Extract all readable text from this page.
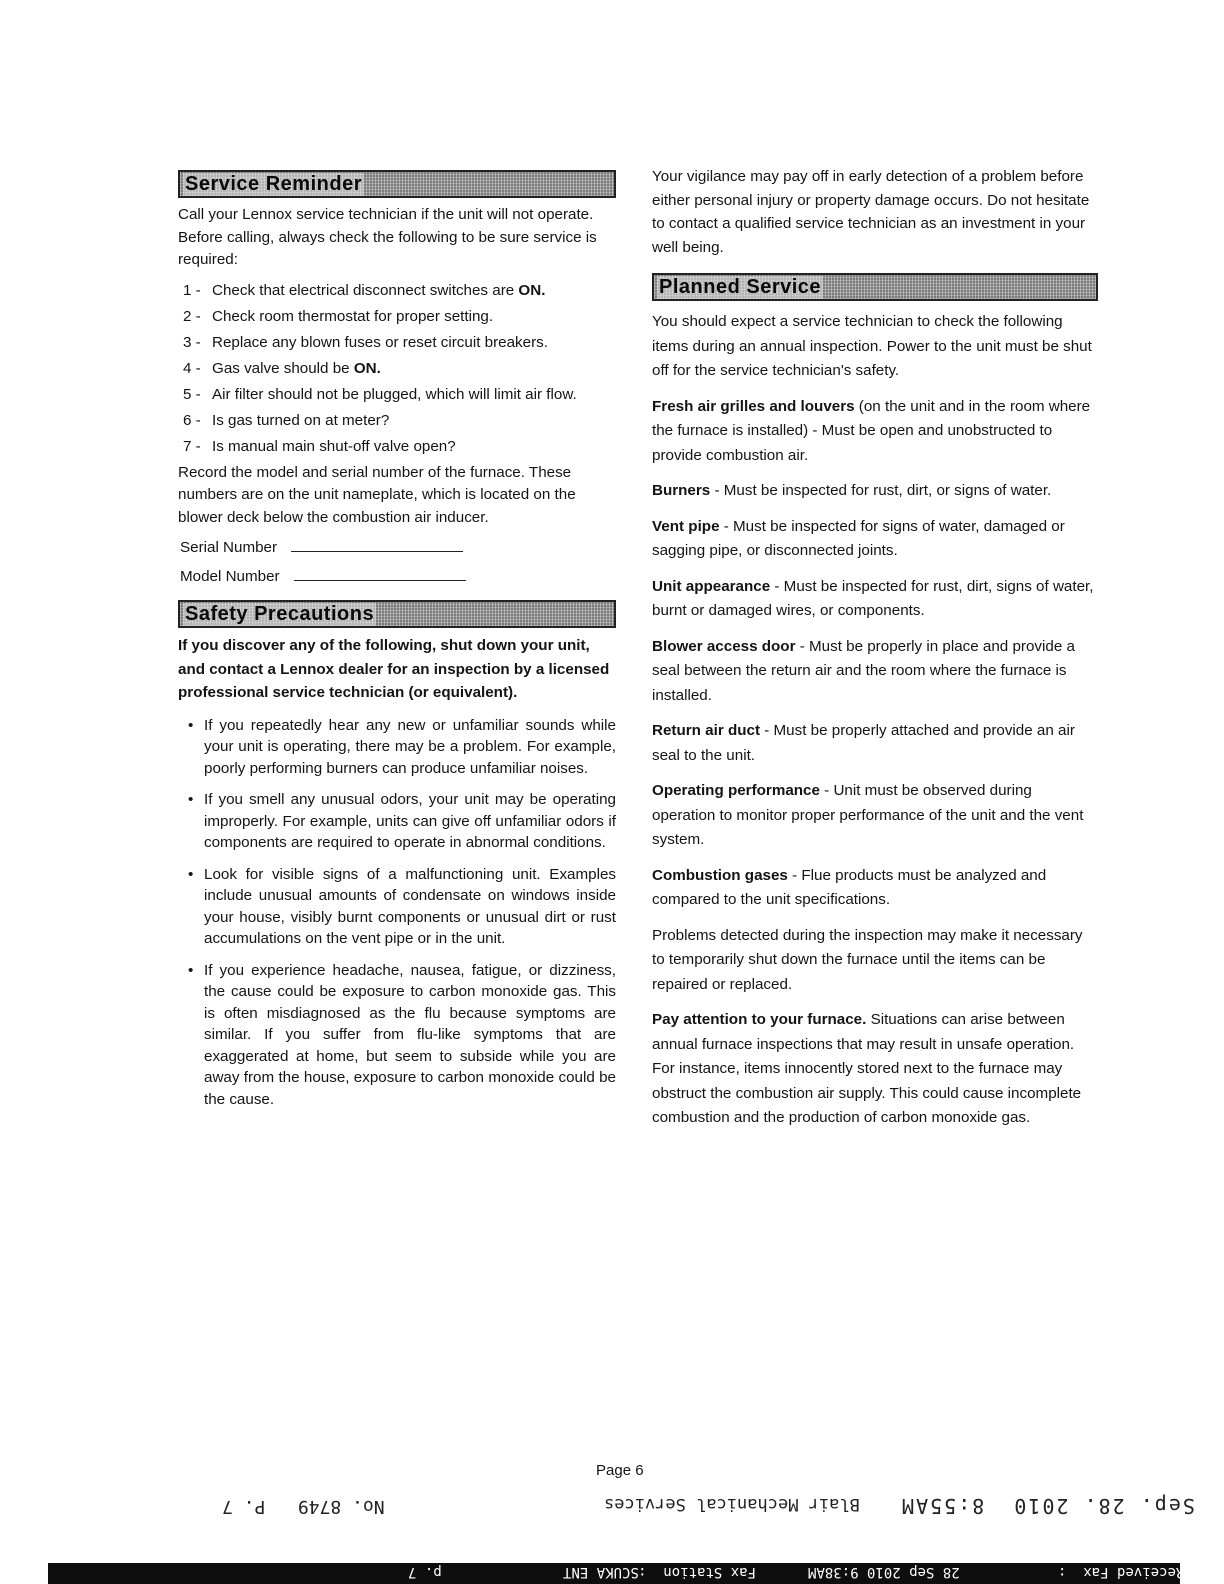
Service Reminder

Call your Lennox service technician if the unit will not operate. Before calling, always check the following to be sure service is required:

1 - Check that electrical disconnect switches are ON.
2 - Check room thermostat for proper setting.
3 - Replace any blown fuses or reset circuit breakers.
4 - Gas valve should be ON.
5 - Air filter should not be plugged, which will limit air flow.
6 - Is gas turned on at meter?
7 - Is manual main shut-off valve open?

Record the model and serial number of the furnace. These numbers are on the unit nameplate, which is located on the blower deck below the combustion air inducer.

Serial Number
Model Number
Safety Precautions

If you discover any of the following, shut down your unit, and contact a Lennox dealer for an inspection by a licensed professional service technician (or equivalent).

• If you repeatedly hear any new or unfamiliar sounds while your unit is operating, there may be a problem. For example, poorly performing burners can produce unfamiliar noises.
• If you smell any unusual odors, your unit may be operating improperly. For example, units can give off unfamiliar odors if components are required to operate in abnormal conditions.
• Look for visible signs of a malfunctioning unit. Examples include unusual amounts of condensate on windows inside your house, visibly burnt components or unusual dirt or rust accumulations on the vent pipe or in the unit.
• If you experience headache, nausea, fatigue, or dizziness, the cause could be exposure to carbon monoxide gas. This is often misdiagnosed as the flu because symptoms are similar. If you suffer from flu-like symptoms that are exaggerated at home, but seem to subside while you are away from the house, exposure to carbon monoxide could be the cause.

Your vigilance may pay off in early detection of a problem before either personal injury or property damage occurs. Do not hesitate to contact a qualified service technician as an investment in your well being.

Planned Service

You should expect a service technician to check the following items during an annual inspection. Power to the unit must be shut off for the service technician's safety.

Fresh air grilles and louvers (on the unit and in the room where the furnace is installed) - Must be open and unobstructed to provide combustion air.

Burners - Must be inspected for rust, dirt, or signs of water.

Vent pipe - Must be inspected for signs of water, damaged or sagging pipe, or disconnected joints.

Unit appearance - Must be inspected for rust, dirt, signs of water, burnt or damaged wires, or components.

Blower access door - Must be properly in place and provide a seal between the return air and the room where the furnace is installed.

Return air duct - Must be properly attached and provide an air seal to the unit.

Operating performance - Unit must be observed during operation to monitor proper performance of the unit and the vent system.

Combustion gases - Flue products must be analyzed and compared to the unit specifications.

Problems detected during the inspection may make it necessary to temporarily shut down the furnace until the items can be repaired or replaced.

Pay attention to your furnace. Situations can arise between annual furnace inspections that may result in unsafe operation. For instance, items innocently stored next to the furnace may obstruct the combustion air supply. This could cause incomplete combustion and the production of carbon monoxide gas.

Page 6
No. 8749   P. 7	Blair Mechanical Services Sep. 28. 2010  8:55AM
Received Fax  :
28 Sep 2010 9:38AM
Fax Station  :
SCUKA ENT
p. 7
